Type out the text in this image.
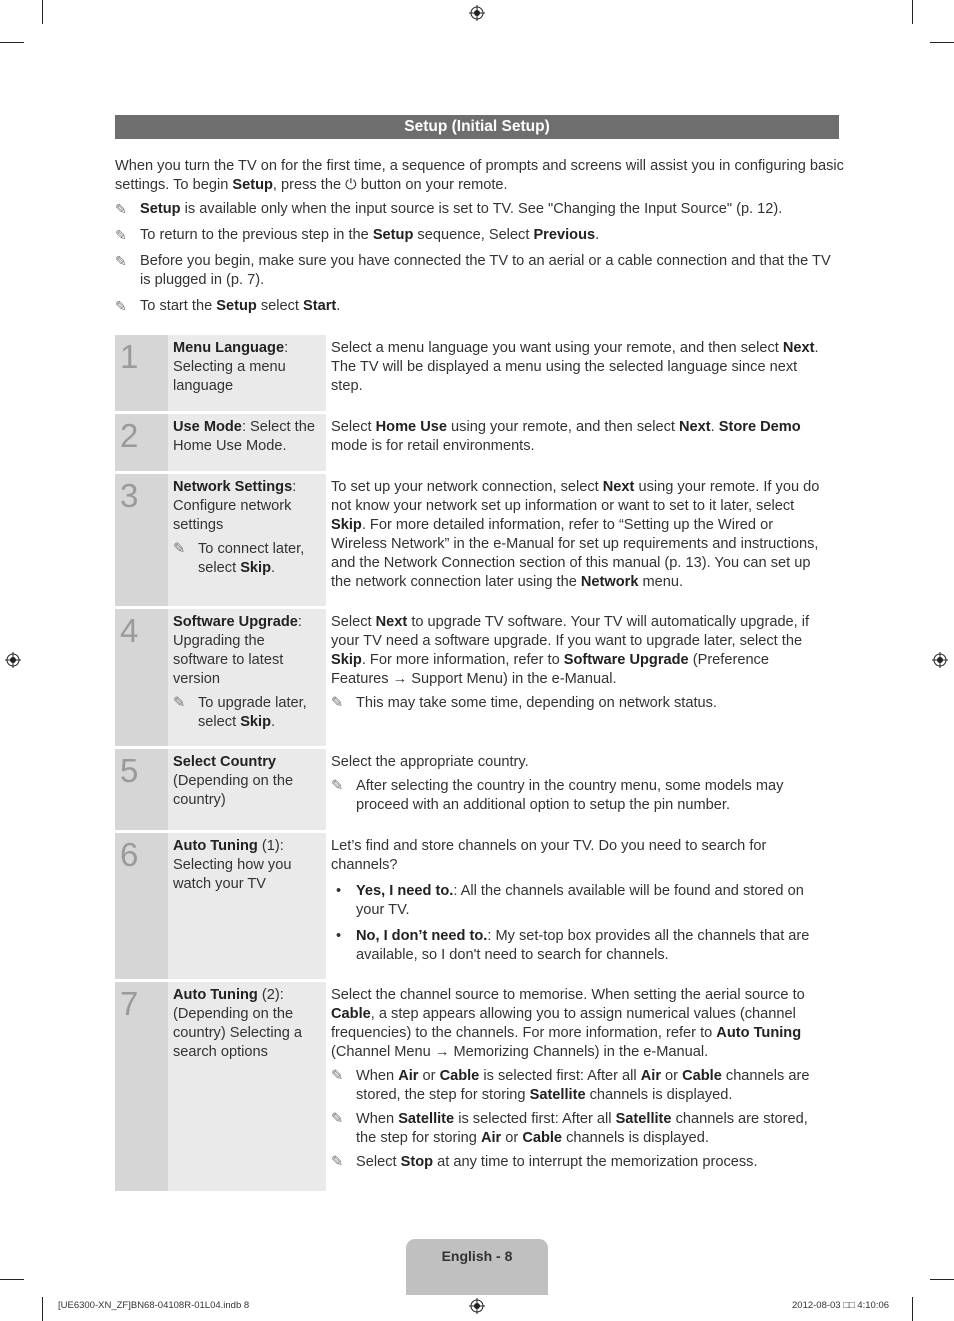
Setup (Initial Setup)

When you turn the TV on for the first time, a sequence of prompts and screens will assist you in configuring basic settings. To begin Setup, press the ⏻ button on your remote.

✎ Setup is available only when the input source is set to TV. See "Changing the Input Source" (p. 12).
✎ To return to the previous step in the Setup sequence, Select Previous.
✎ Before you begin, make sure you have connected the TV to an aerial or a cable connection and that the TV is plugged in (p. 7).
✎ To start the Setup select Start.
1	Menu Language: Selecting a menu language

Select a menu language you want using your remote, and then select Next. The TV will be displayed a menu using the selected language since next step.

2	Use Mode: Select the Home Use Mode.

Select Home Use using your remote, and then select Next. Store Demo mode is for retail environments.

3	Network Settings: Configure network settings
✎ To connect later, select Skip.

To set up your network connection, select Next using your remote. If you do not know your network set up information or want to set to it later, select Skip. For more detailed information, refer to “Setting up the Wired or Wireless Network” in the e-Manual for set up requirements and instructions, and the Network Connection section of this manual (p. 13). You can set up the network connection later using the Network menu.

4	Software Upgrade: Upgrading the software to latest version
✎ To upgrade later, select Skip.

Select Next to upgrade TV software. Your TV will automatically upgrade, if your TV need a software upgrade. If you want to upgrade later, select the Skip. For more information, refer to Software Upgrade (Preference Features → Support Menu) in the e-Manual.

✎ This may take some time, depending on network status.
5	Select Country (Depending on the country)

Select the appropriate country.

✎ After selecting the country in the country menu, some models may proceed with an additional option to setup the pin number.
6	Auto Tuning (1): Selecting how you watch your TV

Let’s find and store channels on your TV. Do you need to search for channels?

• Yes, I need to.: All the channels available will be found and stored on your TV.
• No, I don’t need to.: My set-top box provides all the channels that are available, so I don't need to search for channels.
7	Auto Tuning (2): (Depending on the country) Selecting a search options

Select the channel source to memorise. When setting the aerial source to Cable, a step appears allowing you to assign numerical values (channel frequencies) to the channels. For more information, refer to Auto Tuning (Channel Menu → Memorizing Channels) in the e-Manual.

✎ When Air or Cable is selected first: After all Air or Cable channels are stored, the step for storing Satellite channels is displayed.
✎ When Satellite is selected first: After all Satellite channels are stored, the step for storing Air or Cable channels is displayed.
✎ Select Stop at any time to interrupt the memorization process.
English - 8
[UE6300-XN_ZF]BN68-04108R-01L04.indb 8	2012-08-03 □□ 4:10:06
